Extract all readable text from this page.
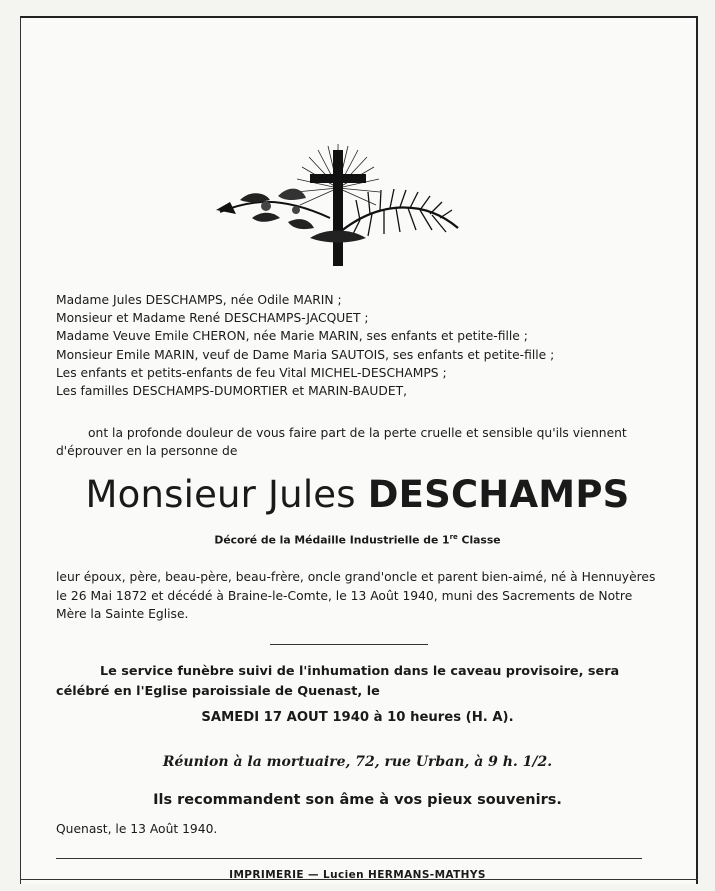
Madame Jules DESCHAMPS, née Odile MARIN ;
Monsieur et Madame René DESCHAMPS-JACQUET ;
Madame Veuve Emile CHERON, née Marie MARIN, ses enfants et petite-fille ;
Monsieur Emile MARIN, veuf de Dame Maria SAUTOIS, ses enfants et petite-fille ;
Les enfants et petits-enfants de feu Vital MICHEL-DESCHAMPS ;
Les familles DESCHAMPS-DUMORTIER et MARIN-BAUDET,
ont la profonde douleur de vous faire part de la perte cruelle et sensible qu'ils viennent
d'éprouver en la personne de
Monsieur Jules DESCHAMPS
Décoré de la Médaille Industrielle de 1re Classe
leur époux, père, beau-père, beau-frère, oncle grand'oncle et parent bien-aimé, né à Hennuyères
le 26 Mai 1872 et décédé à Braine-le-Comte, le 13 Août 1940, muni des Sacrements de Notre
Mère la Sainte Eglise.
Le service funèbre suivi de l'inhumation dans le caveau provisoire, sera
célébré en l'Eglise paroissiale de Quenast, le
SAMEDI 17 AOUT 1940 à 10 heures (H. A).
Réunion à la mortuaire, 72, rue Urban, à 9 h. 1/2.
Ils recommandent son âme à vos pieux souvenirs.
Quenast, le 13 Août 1940.
IMPRIMERIE — Lucien HERMANS-MATHYS
